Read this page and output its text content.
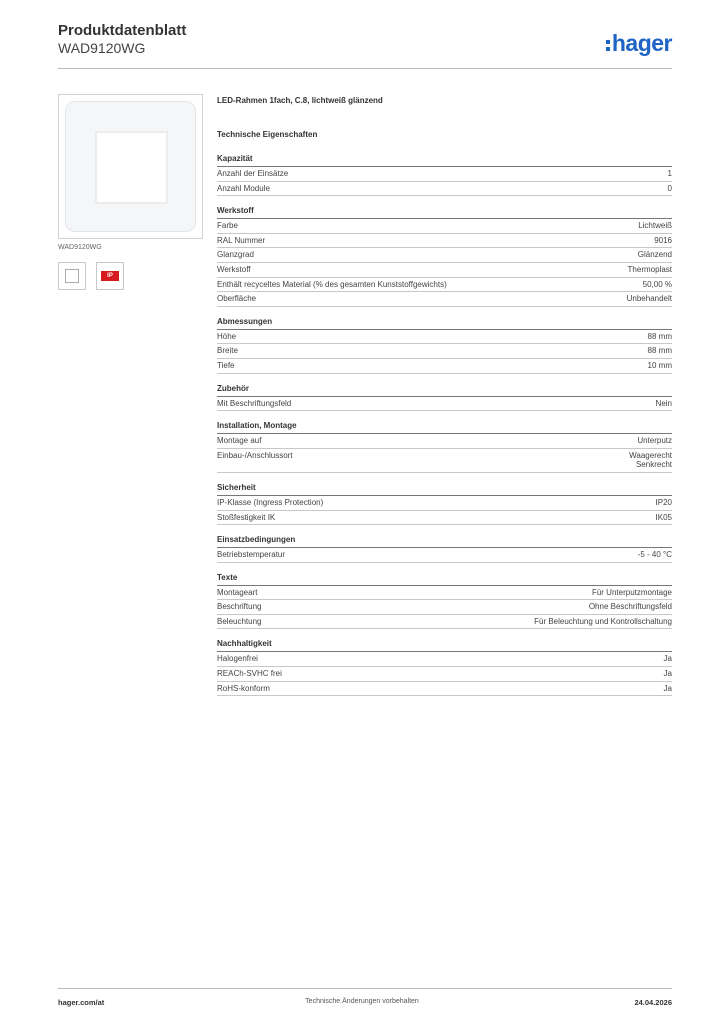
Produktdatenblatt
WAD9120WG	hager
WAD9120WG
IP
LED-Rahmen 1fach, C.8, lichtweiß glänzend
Technische Eigenschaften
Kapazität
Anzahl der Einsätze	1
Anzahl Module	0
Werkstoff
Farbe	Lichtweiß
RAL Nummer	9016
Glanzgrad	Glänzend
Werkstoff	Thermoplast
Enthält recyceltes Material (% des gesamten Kunststoffgewichts)	50,00 %
Oberfläche	Unbehandelt
Abmessungen
Höhe	88 mm
Breite	88 mm
Tiefe	10 mm
Zubehör
Mit Beschriftungsfeld	Nein
Installation, Montage
Montage auf	Unterputz
Einbau-/Anschlussort	Waagerecht
Senkrecht
Sicherheit
IP-Klasse (Ingress Protection)	IP20
Stoßfestigkeit IK	IK05
Einsatzbedingungen
Betriebstemperatur	-5 - 40 °C
Texte
Montageart	Für Unterputzmontage
Beschriftung	Ohne Beschriftungsfeld
Beleuchtung	Für Beleuchtung und Kontrollschaltung
Nachhaltigkeit
Halogenfrei	Ja
REACh-SVHC frei	Ja
RoHS-konform	Ja
hager.com/at	Technische Änderungen vorbehalten	24.04.2026
